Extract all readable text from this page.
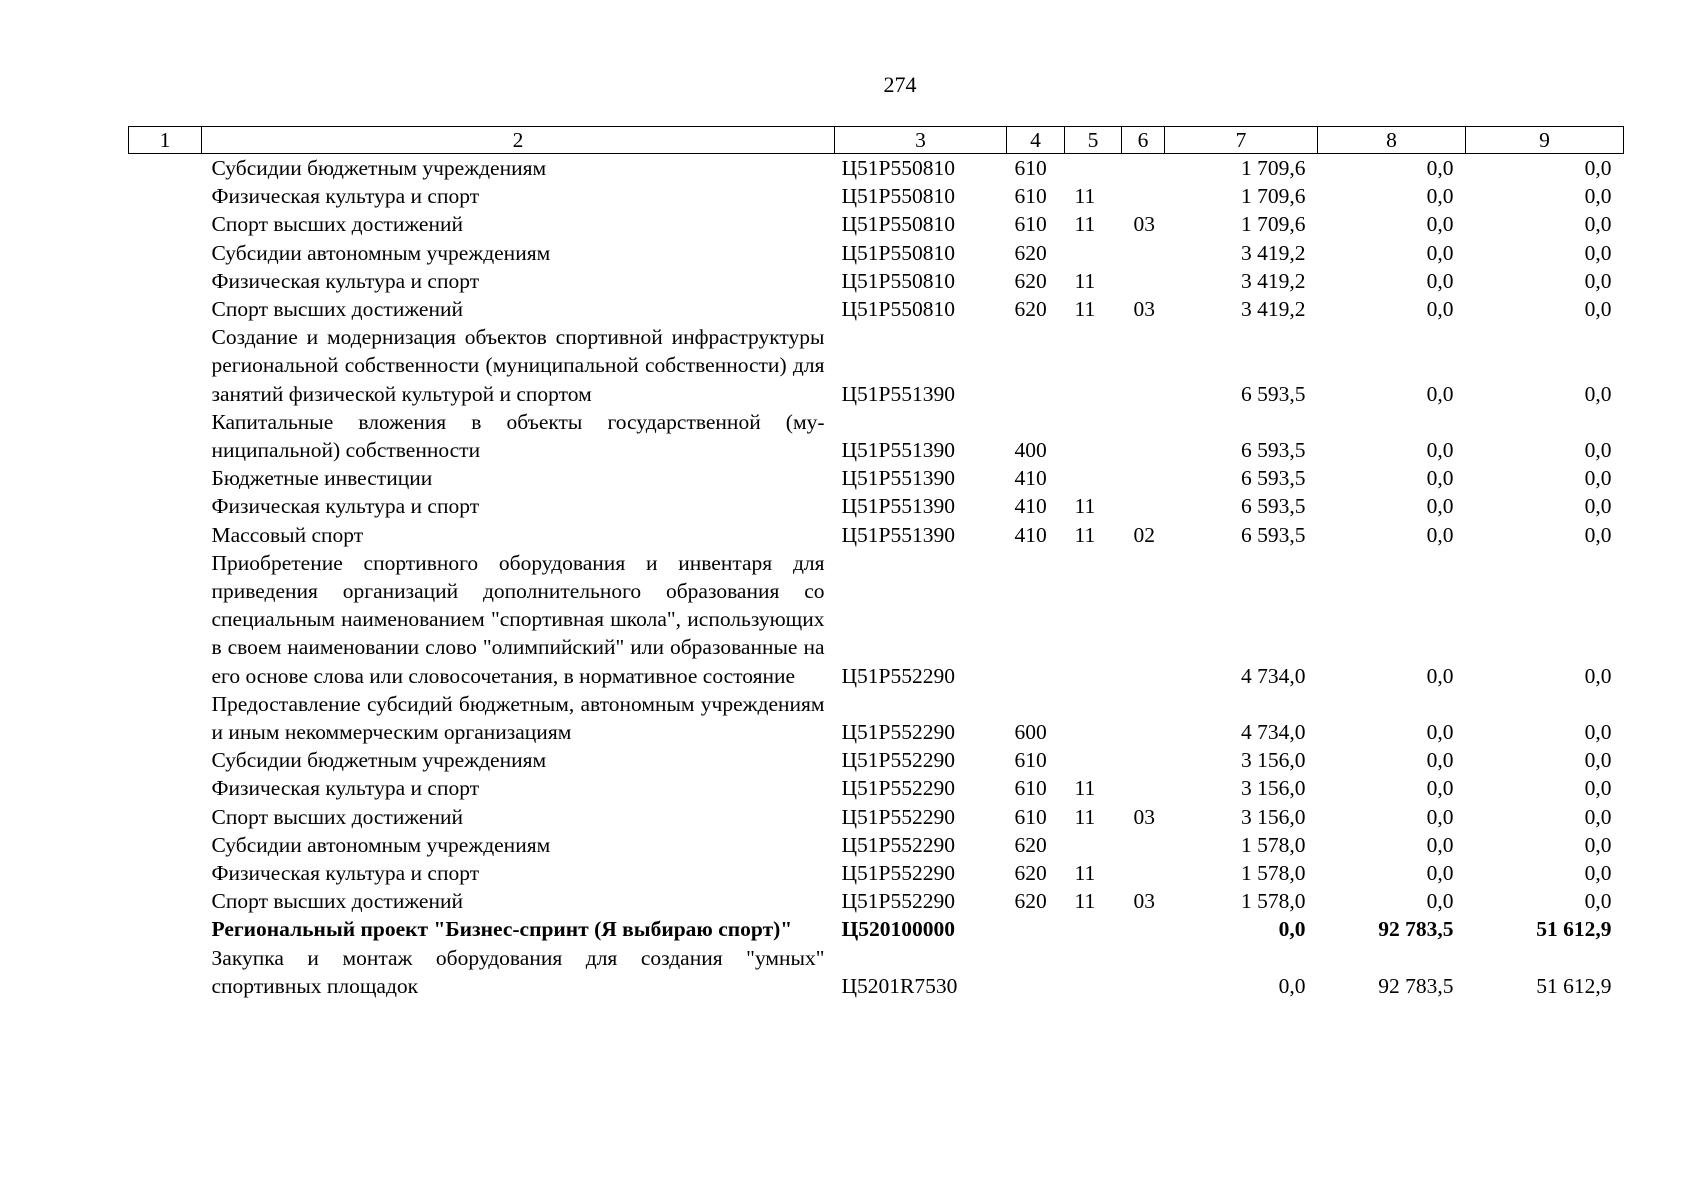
274
1	2	3	4	5	6	7	8	9
	Субсидии бюджетным учреждениям	Ц51Р550810	610			1 709,6	0,0	0,0
	Физическая культура и спорт	Ц51Р550810	610	11		1 709,6	0,0	0,0
	Спорт высших достижений	Ц51Р550810	610	11	03	1 709,6	0,0	0,0
	Субсидии автономным учреждениям	Ц51Р550810	620			3 419,2	0,0	0,0
	Физическая культура и спорт	Ц51Р550810	620	11		3 419,2	0,0	0,0
	Спорт высших достижений	Ц51Р550810	620	11	03	3 419,2	0,0	0,0
	Создание и модернизация объектов спортивной инфраструктуры региональной собственности (муниципальной собственности) для занятий физической культурой и спортом	Ц51Р551390				6 593,5	0,0	0,0
	Капитальные вложения в объекты государственной (муниципальной) собственности	Ц51Р551390	400			6 593,5	0,0	0,0
	Бюджетные инвестиции	Ц51Р551390	410			6 593,5	0,0	0,0
	Физическая культура и спорт	Ц51Р551390	410	11		6 593,5	0,0	0,0
	Массовый спорт	Ц51Р551390	410	11	02	6 593,5	0,0	0,0
	Приобретение спортивного оборудования и инвентаря для приведения организаций дополнительного образования со специальным наименованием "спортивная школа", использующих в своем наименовании слово "олимпийский" или образованные на его основе слова или словосочетания, в нормативное состояние	Ц51Р552290				4 734,0	0,0	0,0
	Предоставление субсидий бюджетным, автономным учреждениям и иным некоммерческим организациям	Ц51Р552290	600			4 734,0	0,0	0,0
	Субсидии бюджетным учреждениям	Ц51Р552290	610			3 156,0	0,0	0,0
	Физическая культура и спорт	Ц51Р552290	610	11		3 156,0	0,0	0,0
	Спорт высших достижений	Ц51Р552290	610	11	03	3 156,0	0,0	0,0
	Субсидии автономным учреждениям	Ц51Р552290	620			1 578,0	0,0	0,0
	Физическая культура и спорт	Ц51Р552290	620	11		1 578,0	0,0	0,0
	Спорт высших достижений	Ц51Р552290	620	11	03	1 578,0	0,0	0,0
	Региональный проект "Бизнес-спринт (Я выбираю спорт)"	Ц520100000				0,0	92 783,5	51 612,9
	Закупка и монтаж оборудования для создания "умных" спортивных площадок	Ц5201R7530				0,0	92 783,5	51 612,9
